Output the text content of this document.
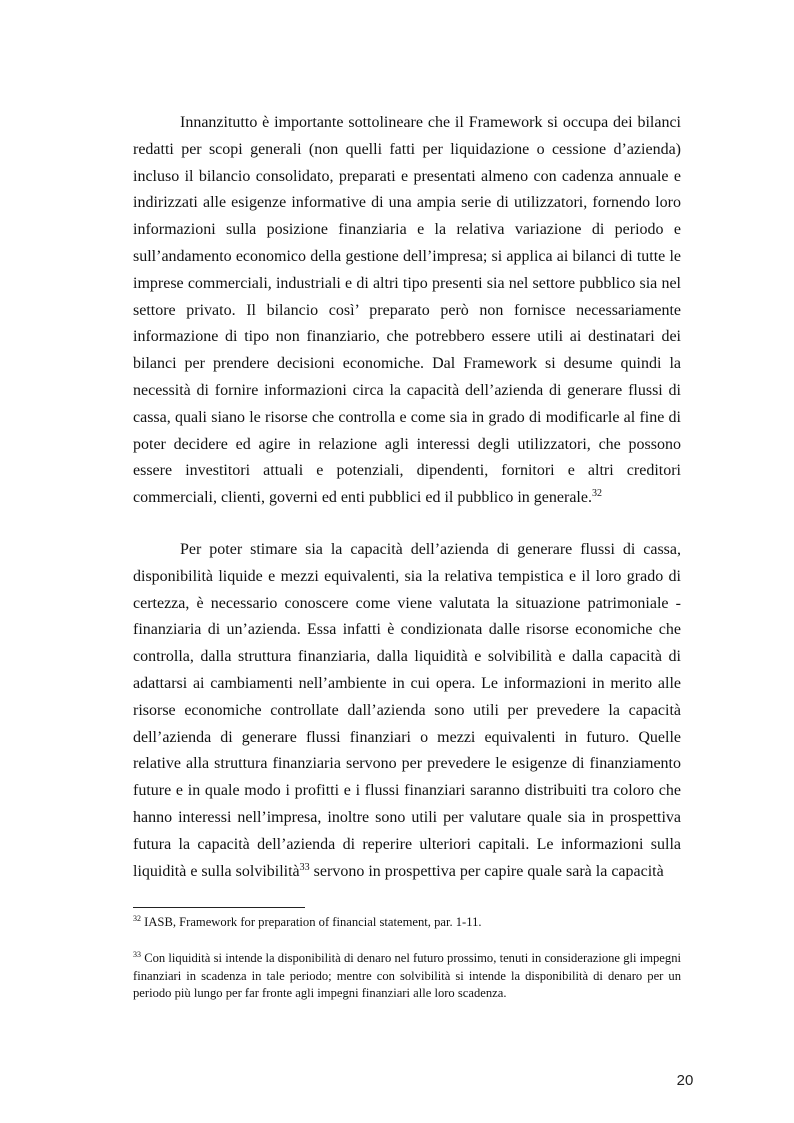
Innanzitutto è importante sottolineare che il Framework si occupa dei bilanci redatti per scopi generali (non quelli fatti per liquidazione o cessione d’azienda) incluso il bilancio consolidato, preparati e presentati almeno con cadenza annuale e indirizzati alle esigenze informative di una ampia serie di utilizzatori, fornendo loro informazioni sulla posizione finanziaria e la relativa variazione di periodo e sull’andamento economico della gestione dell’impresa; si applica ai bilanci di tutte le imprese commerciali, industriali e di altri tipo presenti sia nel settore pubblico sia nel settore privato. Il bilancio così’ preparato però non fornisce necessariamente informazione di tipo non finanziario, che potrebbero essere utili ai destinatari dei bilanci per prendere decisioni economiche. Dal Framework si desume quindi la necessità di fornire informazioni circa la capacità dell’azienda di generare flussi di cassa, quali siano le risorse che controlla e come sia in grado di modificarle al fine di poter decidere ed agire in relazione agli interessi degli utilizzatori, che possono essere investitori attuali e potenziali, dipendenti, fornitori e altri creditori commerciali, clienti, governi ed enti pubblici ed il pubblico in generale.$^{32}$

Per poter stimare sia la capacità dell’azienda di generare flussi di cassa, disponibilità liquide e mezzi equivalenti, sia la relativa tempistica e il loro grado di certezza, è necessario conoscere come viene valutata la situazione patrimoniale - finanziaria di un’azienda. Essa infatti è condizionata dalle risorse economiche che controlla, dalla struttura finanziaria, dalla liquidità e solvibilità e dalla capacità di adattarsi ai cambiamenti nell’ambiente in cui opera. Le informazioni in merito alle risorse economiche controllate dall’azienda sono utili per prevedere la capacità dell’azienda di generare flussi finanziari o mezzi equivalenti in futuro. Quelle relative alla struttura finanziaria servono per prevedere le esigenze di finanziamento future e in quale modo i profitti e i flussi finanziari saranno distribuiti tra coloro che hanno interessi nell’impresa, inoltre sono utili per valutare quale sia in prospettiva futura la capacità dell’azienda di reperire ulteriori capitali. Le informazioni sulla liquidità e sulla solvibilità$^{33}$ servono in prospettiva per capire quale sarà la capacità

$^{32}$ IASB, Framework for preparation of financial statement, par. 1-11.

$^{33}$ Con liquidità si intende la disponibilità di denaro nel futuro prossimo, tenuti in considerazione gli impegni finanziari in scadenza in tale periodo; mentre con solvibilità si intende la disponibilità di denaro per un periodo più lungo per far fronte agli impegni finanziari alle loro scadenza.

20
